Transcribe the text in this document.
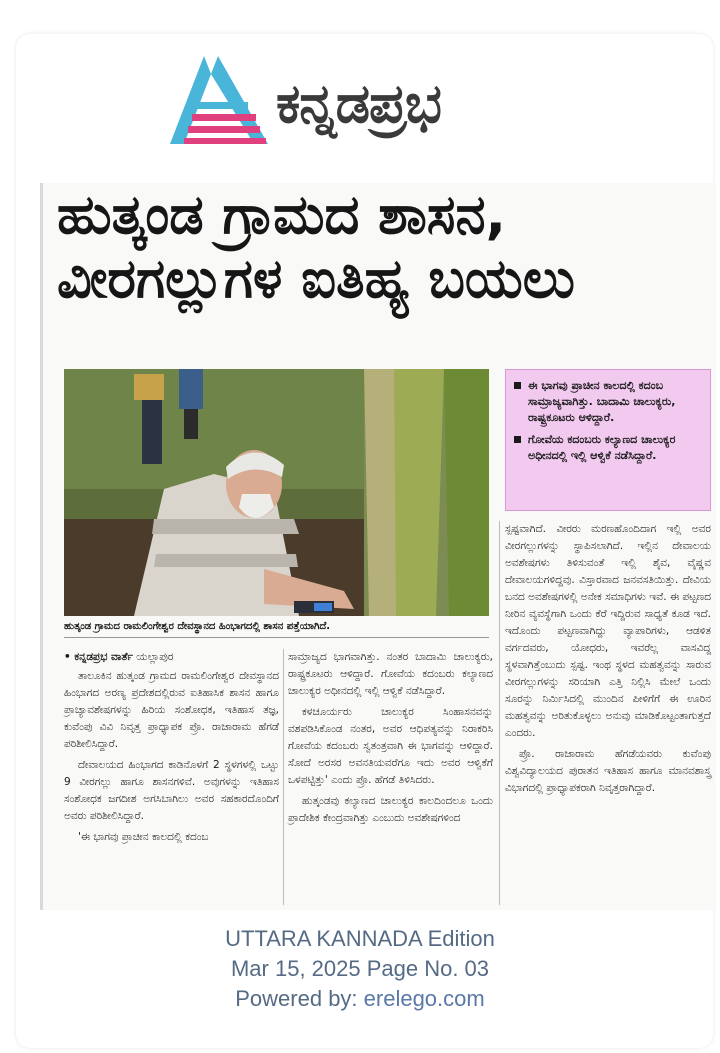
ಕನ್ನಡಪ್ರಭ
ಹುತ್ಕಂಡ ಗ್ರಾಮದ ಶಾಸನ,
ವೀರಗಲ್ಲುಗಳ ಐತಿಹ್ಯ ಬಯಲು
ಹುತ್ಕಂಡ ಗ್ರಾಮದ ರಾಮಲಿಂಗೇಶ್ವರ ದೇವಸ್ಥಾನದ ಹಿಂಭಾಗದಲ್ಲಿ ಶಾಸನ ಪತ್ತೆಯಾಗಿದೆ.
ಈ ಭಾಗವು ಪ್ರಾಚೀನ ಕಾಲದಲ್ಲಿ ಕದಂಬ ಸಾಮ್ರಾಜ್ಯವಾಗಿತ್ತು. ಬಾದಾಮಿ ಚಾಲುಕ್ಯರು, ರಾಷ್ಟ್ರಕೂಟರು ಆಳಿದ್ದಾರೆ.
ಗೋವೆಯ ಕದಂಬರು ಕಲ್ಯಾಣದ ಚಾಲುಕ್ಯರ ಅಧೀನದಲ್ಲಿ ಇಲ್ಲಿ ಆಳ್ವಿಕೆ ನಡೆಸಿದ್ದಾರೆ.
• ಕನ್ನಡಪ್ರಭ ವಾರ್ತೆ ಯಲ್ಲಾಪುರ

ತಾಲೂಕಿನ ಹುತ್ಕಂಡ ಗ್ರಾಮದ ರಾಮಲಿಂಗೇಶ್ವರ ದೇವಸ್ಥಾನದ ಹಿಂಭಾಗದ ಅರಣ್ಯ ಪ್ರದೇಶದಲ್ಲಿರುವ ಐತಿಹಾಸಿಕ ಶಾಸನ ಹಾಗೂ ಪ್ರಾಚ್ಯಾವಶೇಷಗಳನ್ನು ಹಿರಿಯ ಸಂಶೋಧಕ, ಇತಿಹಾಸ ತಜ್ಞ, ಕುವೆಂಪು ವಿವಿ ನಿವೃತ್ತ ಪ್ರಾಧ್ಯಾಪಕ ಪ್ರೊ. ರಾಜಾರಾಮ ಹೆಗಡೆ ಪರಿಶೀಲಿಸಿದ್ದಾರೆ.

ದೇವಾಲಯದ ಹಿಂಭಾಗದ ಕಾಡಿನೊಳಗೆ 2 ಸ್ಥಳಗಳಲ್ಲಿ ಒಟ್ಟು 9 ವೀರಗಲ್ಲು ಹಾಗೂ ಶಾಸನಗಳಿವೆ. ಅವುಗಳನ್ನು ಇತಿಹಾಸ ಸಂಶೋಧಕ ಜಗದೀಶ ಅಗಸಿಬಾಗಿಲು ಅವರ ಸಹಕಾರದೊಂದಿಗೆ ಅವರು ಪರಿಶೀಲಿಸಿದ್ದಾರೆ.

'ಈ ಭಾಗವು ಪ್ರಾಚೀನ ಕಾಲದಲ್ಲಿ ಕದಂಬ

ಸಾಮ್ರಾಜ್ಯದ ಭಾಗವಾಗಿತ್ತು. ನಂತರ ಬಾದಾಮಿ ಚಾಲುಕ್ಯರು, ರಾಷ್ಟ್ರಕೂಟರು ಆಳಿದ್ದಾರೆ. ಗೋವೆಯ ಕದಂಬರು ಕಲ್ಯಾಣದ ಚಾಲುಕ್ಯರ ಅಧೀನದಲ್ಲಿ ಇಲ್ಲಿ ಆಳ್ವಿಕೆ ನಡೆಸಿದ್ದಾರೆ.

ಕಳಚೂರ್ಯರು ಚಾಲುಕ್ಯರ ಸಿಂಹಾಸನವನ್ನು ವಶಪಡಿಸಿಕೊಂಡ ನಂತರ, ಅವರ ಆಧಿಪತ್ಯವನ್ನು ನಿರಾಕರಿಸಿ ಗೋವೆಯ ಕದಂಬರು ಸ್ವತಂತ್ರವಾಗಿ ಈ ಭಾಗವನ್ನು ಆಳಿದ್ದಾರೆ. ಸೋದೆ ಅರಸರ ಅವನತಿಯವರೆಗೂ ಇದು ಅವರ ಆಳ್ವಿಕೆಗೆ ಒಳಪಟ್ಟಿತ್ತು' ಎಂದು ಪ್ರೊ. ಹೆಗಡೆ ತಿಳಿಸಿದರು.

ಹುತ್ಕಂಡವು ಕಲ್ಯಾಣದ ಚಾಲುಕ್ಯರ ಕಾಲದಿಂದಲೂ ಒಂದು ಪ್ರಾದೇಶಿಕ ಕೇಂದ್ರವಾಗಿತ್ತು ಎಂಬುದು ಅವಶೇಷಗಳಿಂದ

ಸ್ಪಷ್ಟವಾಗಿದೆ. ವೀರರು ಮರಣಹೊಂದಿದಾಗ ಇಲ್ಲಿ ಅವರ ವೀರಗಲ್ಲುಗಳನ್ನು ಸ್ಥಾಪಿಸಲಾಗಿದೆ. ಇಲ್ಲಿನ ದೇವಾಲಯ ಅವಶೇಷಗಳು ತಿಳಿಸುವಂತೆ ಇಲ್ಲಿ ಶೈವ, ವೈಷ್ಣವ ದೇವಾಲಯಗಳಿದ್ದವು. ವಿಸ್ತಾರವಾದ ಜನವಸತಿಯಿತ್ತು. ದೇವಿಯ ಬನದ ಅವಶೇಷಗಳಲ್ಲಿ ಅನೇಕ ಸಮಾಧಿಗಳು ಇವೆ. ಈ ಪಟ್ಟಣದ ನೀರಿನ ವ್ಯವಸ್ಥೆಗಾಗಿ ಒಂದು ಕೆರೆ ಇದ್ದಿರುವ ಸಾಧ್ಯತೆ ಕೂಡ ಇದೆ. ಇದೊಂದು ಪಟ್ಟಣವಾಗಿದ್ದು ವ್ಯಾಪಾರಿಗಳು, ಆಡಳಿತ ವರ್ಗದವರು, ಯೋಧರು, ಇವರೆಲ್ಲ ವಾಸವಿದ್ದ ಸ್ಥಳವಾಗಿತ್ತೆಂಬುದು ಸ್ಪಷ್ಟ. ಇಂಥ ಸ್ಥಳದ ಮಹತ್ವವನ್ನು ಸಾರುವ ವೀರಗಲ್ಲುಗಳನ್ನು ಸರಿಯಾಗಿ ಎತ್ತಿ ನಿಲ್ಲಿಸಿ ಮೇಲೆ ಒಂದು ಸೂರನ್ನು ನಿರ್ಮಿಸಿದಲ್ಲಿ ಮುಂದಿನ ಪೀಳಿಗೆಗೆ ಈ ಊರಿನ ಮಹತ್ವವನ್ನು ಅರಿತುಕೊಳ್ಳಲು ಅನುವು ಮಾಡಿಕೊಟ್ಟಂತಾಗುತ್ತದೆ ಎಂದರು.

ಪ್ರೊ. ರಾಜಾರಾಮ ಹೆಗಡೆಯವರು ಕುವೆಂಪು ವಿಶ್ವವಿದ್ಯಾಲಯದ ಪುರಾತನ ಇತಿಹಾಸ ಹಾಗೂ ಮಾನವಶಾಸ್ತ್ರ ವಿಭಾಗದಲ್ಲಿ ಪ್ರಾಧ್ಯಾಪಕರಾಗಿ ನಿವೃತ್ತರಾಗಿದ್ದಾರೆ.

UTTARA KANNADA Edition
Mar 15, 2025 Page No. 03
Powered by: erelego.com
